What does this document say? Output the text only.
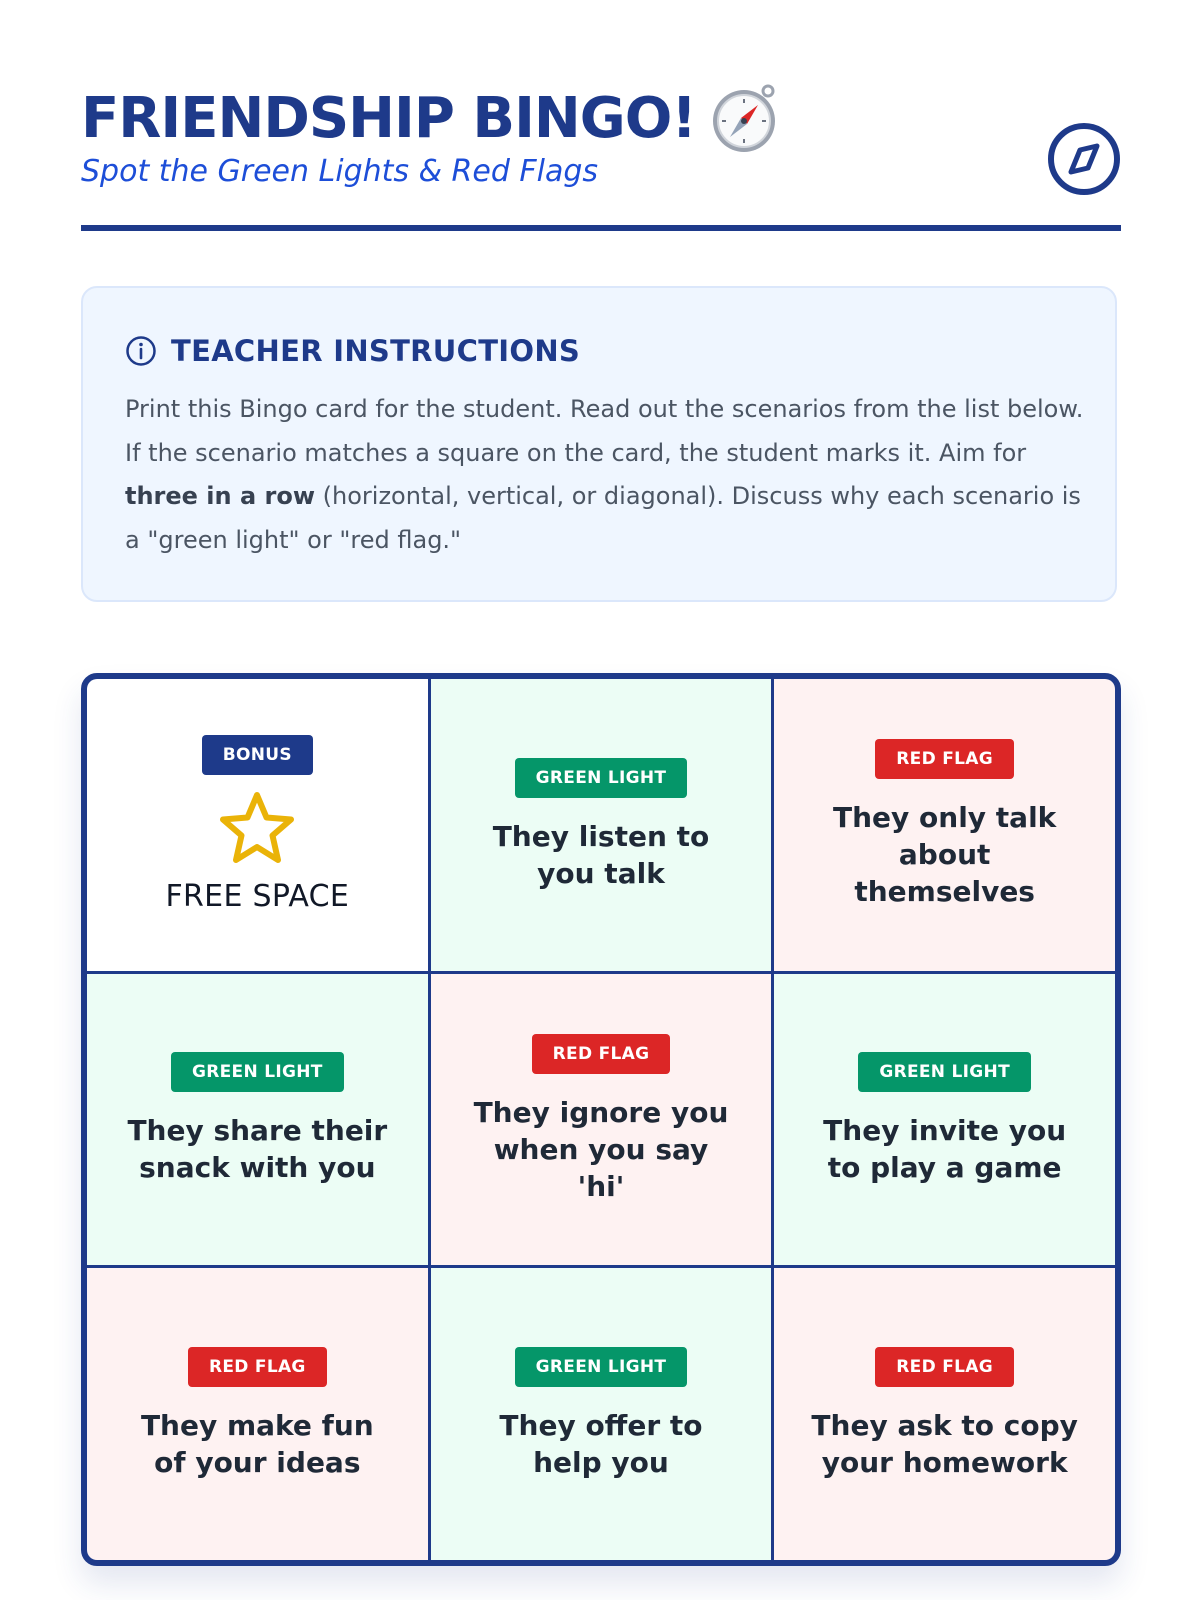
FRIENDSHIP BINGO!
Spot the Green Lights & Red Flags
TEACHER INSTRUCTIONS
Print this Bingo card for the student. Read out the scenarios from the list below. If the scenario matches a square on the card, the student marks it. Aim for three in a row (horizontal, vertical, or diagonal). Discuss why each scenario is a "green light" or "red flag."
BONUS
FREE SPACE
GREEN LIGHT
They listen to you talk
RED FLAG
They only talk about themselves
GREEN LIGHT
They share their snack with you
RED FLAG
They ignore you when you say 'hi'
GREEN LIGHT
They invite you to play a game
RED FLAG
They make fun of your ideas
GREEN LIGHT
They offer to help you
RED FLAG
They ask to copy your homework
